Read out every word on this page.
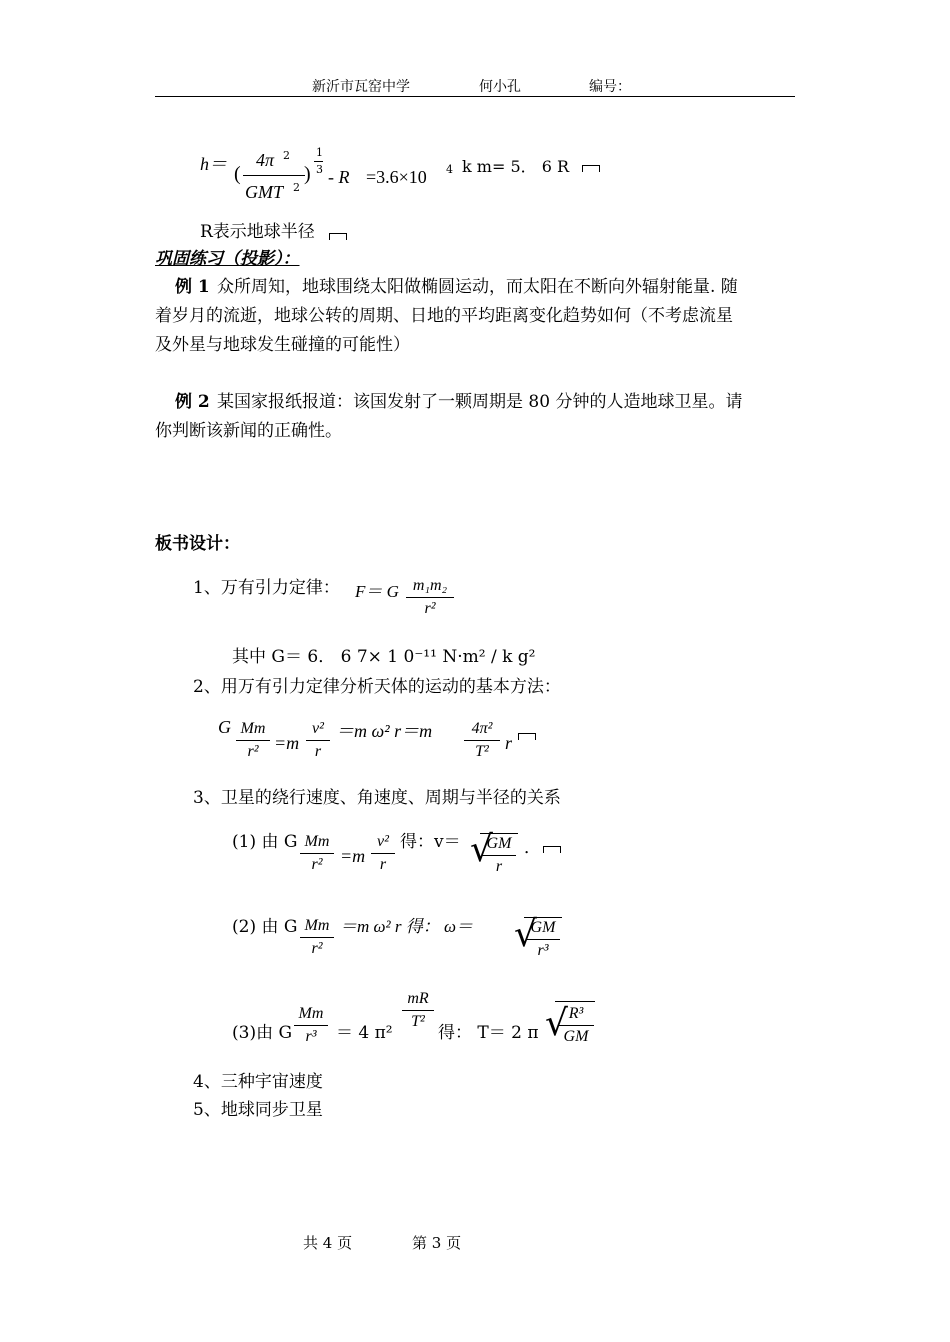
新沂市瓦窑中学	何小孔	编号：
h＝ (
4π 2
GMT 2
)
1
3 - R =3.6×10 4 k m= 5． 6 R
R表示地球半径
巩固练习（投影）：
例 1 众所周知，地球围绕太阳做椭圆运动，而太阳在不断向外辐射能量. 随
着岁月的流逝，地球公转的周期、日地的平均距离变化趋势如何（不考虑流星
及外星与地球发生碰撞的可能性）
例 2 某国家报纸报道：该国发射了一颗周期是 80 分钟的人造地球卫星。请
你判断该新闻的正确性。
板书设计：
1、万有引力定律： F＝ G m₁m₂
r²
其中 G＝ 6． 6 7× 1 0⁻¹¹ N·m² / k g²
2、用万有引力定律分析天体的运动的基本方法：
G Mm
r² =m
v²
r
＝m ω² r＝m	4π²
T² r
3、卫星的绕行速度、角速度、周期与半径的关系
(1) 由 G Mm
r² =m
v²
r
得：v＝ √
GM
r
．
(2) 由 G Mm
r²
＝m ω² r 得： ω＝ √
GM
r³
(3)由 G
Mm
r³	＝ 4 π²
mR
T²
得： T＝ 2 π √ R³
GM
4、三种宇宙速度
5、地球同步卫星
共 4 页	第 3 页
